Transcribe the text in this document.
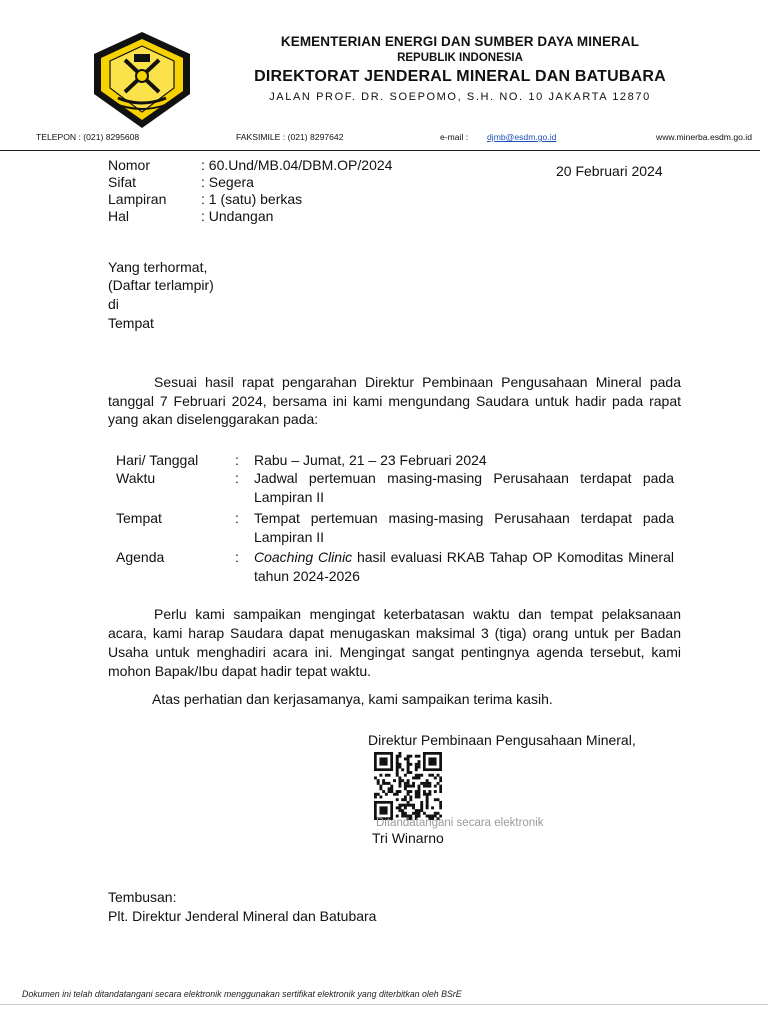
KEMENTERIAN ENERGI DAN SUMBER DAYA MINERAL
REPUBLIK INDONESIA
DIREKTORAT JENDERAL MINERAL DAN BATUBARA
JALAN PROF. DR. SOEPOMO, S.H. NO. 10 JAKARTA 12870
TELEPON : (021) 8295608	FAKSIMILE : (021) 8297642	e-mail : djmb@esdm.go.id	www.minerba.esdm.go.id
Nomor	: 60.Und/MB.04/DBM.OP/2024
Sifat	: Segera
Lampiran : 1 (satu) berkas
Hal	: Undangan
20 Februari 2024
Yang terhormat,
(Daftar terlampir)
di
Tempat
Sesuai hasil rapat pengarahan Direktur Pembinaan Pengusahaan Mineral pada tanggal 7 Februari 2024, bersama ini kami mengundang Saudara untuk hadir pada rapat yang akan diselenggarakan pada:
Hari/ Tanggal	: Rabu – Jumat, 21 – 23 Februari 2024
Waktu	: Jadwal pertemuan masing-masing Perusahaan terdapat pada Lampiran II
Tempat	: Tempat pertemuan masing-masing Perusahaan terdapat pada Lampiran II
Agenda	: Coaching Clinic hasil evaluasi RKAB Tahap OP Komoditas Mineral tahun 2024-2026
Perlu kami sampaikan mengingat keterbatasan waktu dan tempat pelaksanaan acara, kami harap Saudara dapat menugaskan maksimal 3 (tiga) orang untuk per Badan Usaha untuk menghadiri acara ini. Mengingat sangat pentingnya agenda tersebut, kami mohon Bapak/Ibu dapat hadir tepat waktu.
Atas perhatian dan kerjasamanya, kami sampaikan terima kasih.
Direktur Pembinaan Pengusahaan Mineral,
Ditandatangani secara elektronik
Tri Winarno
Tembusan:
Plt. Direktur Jenderal Mineral dan Batubara
Dokumen ini telah ditandatangani secara elektronik menggunakan sertifikat elektronik yang diterbitkan oleh BSrE
